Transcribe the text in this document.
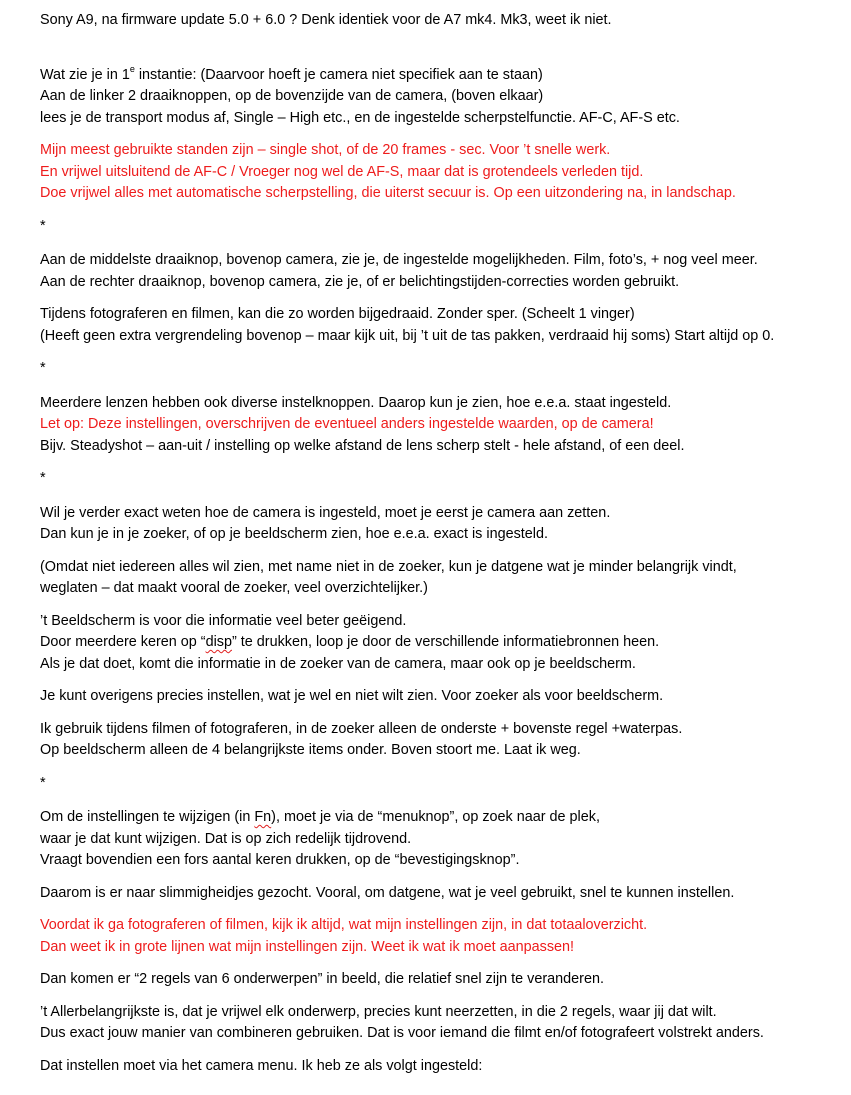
Sony A9, na firmware update 5.0 + 6.0 ? Denk identiek voor de A7 mk4. Mk3, weet ik niet.
Wat zie je in 1e instantie: (Daarvoor hoeft je camera niet specifiek aan te staan)
Aan de linker 2 draaiknoppen, op de bovenzijde van de camera, (boven elkaar)
lees je de transport modus af, Single – High etc., en de ingestelde scherpstelfunctie. AF-C, AF-S etc.
Mijn meest gebruikte standen zijn – single shot, of de 20 frames - sec. Voor ’t snelle werk.
En vrijwel uitsluitend de AF-C / Vroeger nog wel de AF-S, maar dat is grotendeels verleden tijd.
Doe vrijwel alles met automatische scherpstelling, die uiterst secuur is. Op een uitzondering na, in landschap.
*
Aan de middelste draaiknop, bovenop camera, zie je, de ingestelde mogelijkheden. Film, foto’s, + nog veel meer.
Aan de rechter draaiknop, bovenop camera, zie je, of er belichtingstijden-correcties worden gebruikt.
Tijdens fotograferen en filmen, kan die zo worden bijgedraaid. Zonder sper. (Scheelt 1 vinger)
(Heeft geen extra vergrendeling bovenop – maar kijk uit, bij ’t uit de tas pakken, verdraaid hij soms) Start altijd op 0.
*
Meerdere lenzen hebben ook diverse instelknoppen. Daarop kun je zien, hoe e.e.a. staat ingesteld.
Let op: Deze instellingen, overschrijven de eventueel anders ingestelde waarden, op de camera!
Bijv. Steadyshot – aan-uit / instelling op welke afstand de lens scherp stelt - hele afstand, of een deel.
*
Wil je verder exact weten hoe de camera is ingesteld, moet je eerst je camera aan zetten.
Dan kun je in je zoeker, of op je beeldscherm zien, hoe e.e.a. exact is ingesteld.
(Omdat niet iedereen alles wil zien, met name niet in de zoeker, kun je datgene wat je minder belangrijk vindt,
weglaten – dat maakt vooral de zoeker, veel overzichtelijker.)
’t Beeldscherm is voor die informatie veel beter geëigend.
Door meerdere keren op “disp” te drukken, loop je door de verschillende informatiebronnen heen.
Als je dat doet, komt die informatie in de zoeker van de camera, maar ook op je beeldscherm.
Je kunt overigens precies instellen, wat je wel en niet wilt zien. Voor zoeker als voor beeldscherm.
Ik gebruik tijdens filmen of fotograferen, in de zoeker alleen de onderste + bovenste regel +waterpas.
Op beeldscherm alleen de 4 belangrijkste items onder. Boven stoort me. Laat ik weg.
*
Om de instellingen te wijzigen (in Fn), moet je via de “menuknop”, op zoek naar de plek,
waar je dat kunt wijzigen. Dat is op zich redelijk tijdrovend.
Vraagt bovendien een fors aantal keren drukken, op de “bevestigingsknop”.
Daarom is er naar slimmigheidjes gezocht. Vooral, om datgene, wat je veel gebruikt, snel te kunnen instellen.
Voordat ik ga fotograferen of filmen, kijk ik altijd, wat mijn instellingen zijn, in dat totaaloverzicht.
Dan weet ik in grote lijnen wat mijn instellingen zijn. Weet ik wat ik moet aanpassen!
Dan komen er “2 regels van 6 onderwerpen” in beeld, die relatief snel zijn te veranderen.
’t Allerbelangrijkste is, dat je vrijwel elk onderwerp, precies kunt neerzetten, in die 2 regels, waar jij dat wilt.
Dus exact jouw manier van combineren gebruiken. Dat is voor iemand die filmt en/of fotografeert volstrekt anders.
Dat instellen moet via het camera menu. Ik heb ze als volgt ingesteld:
